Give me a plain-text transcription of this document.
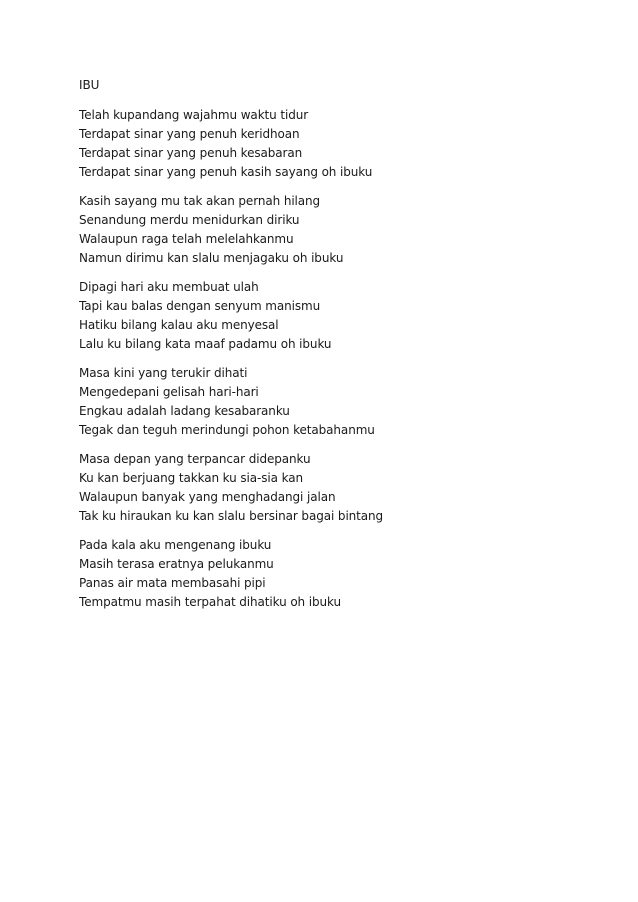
IBU
Telah kupandang wajahmu waktu tidur
Terdapat sinar yang penuh keridhoan
Terdapat sinar yang penuh kesabaran
Terdapat sinar yang penuh kasih sayang oh ibuku
Kasih sayang mu tak akan pernah hilang
Senandung merdu menidurkan diriku
Walaupun raga telah melelahkanmu
Namun dirimu kan slalu menjagaku oh ibuku
Dipagi hari aku membuat ulah
Tapi kau balas dengan senyum manismu
Hatiku bilang kalau aku menyesal
Lalu ku bilang kata maaf padamu oh ibuku
Masa kini yang terukir dihati
Mengedepani gelisah hari-hari
Engkau adalah ladang kesabaranku
Tegak dan teguh merindungi pohon ketabahanmu
Masa depan yang terpancar didepanku
Ku kan berjuang takkan ku sia-sia kan
Walaupun banyak yang menghadangi jalan
Tak ku hiraukan ku kan slalu bersinar bagai bintang
Pada kala aku mengenang ibuku
Masih terasa eratnya pelukanmu
Panas air mata membasahi pipi
Tempatmu masih terpahat dihatiku oh ibuku
